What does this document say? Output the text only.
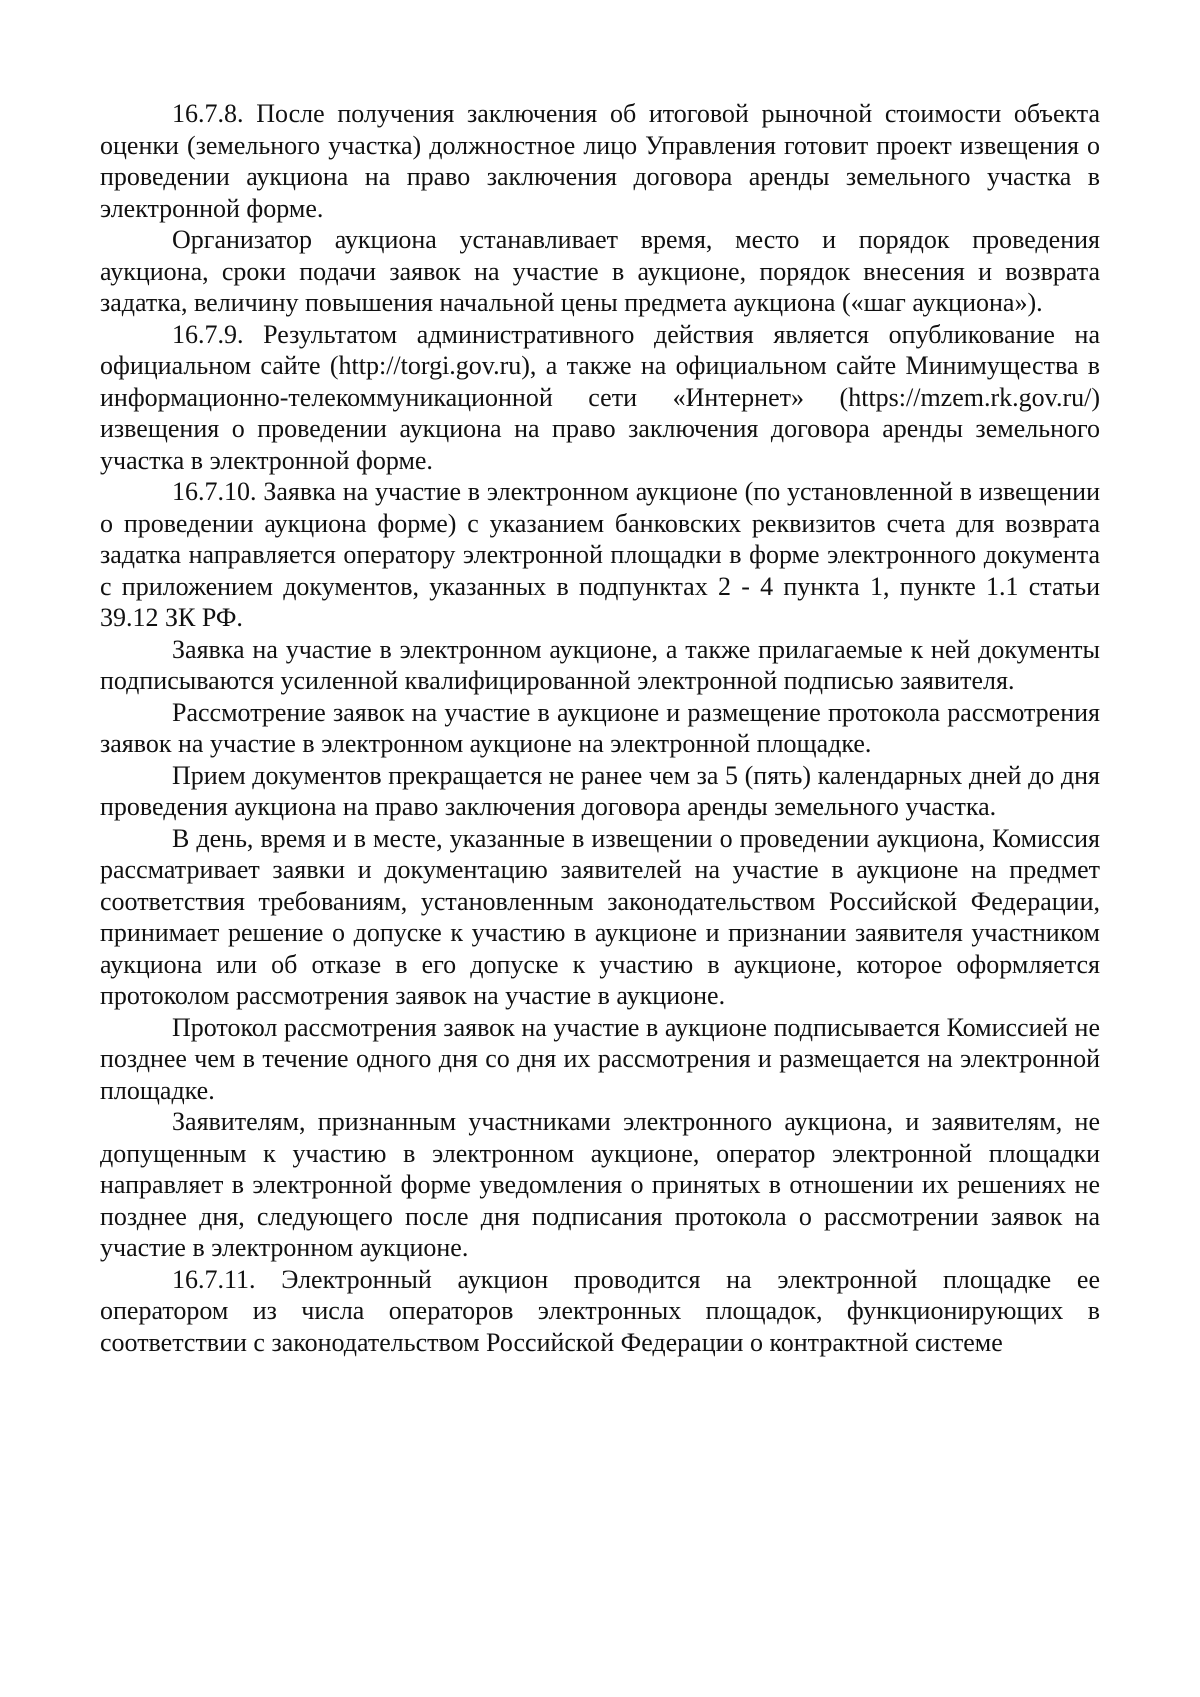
16.7.8. После получения заключения об итоговой рыночной стоимости объекта оценки (земельного участка) должностное лицо Управления готовит проект извещения о проведении аукциона на право заключения договора аренды земельного участка в электронной форме.

Организатор аукциона устанавливает время, место и порядок проведения аукциона, сроки подачи заявок на участие в аукционе, порядок внесения и возврата задатка, величину повышения начальной цены предмета аукциона («шаг аукциона»).

16.7.9. Результатом административного действия является опубликование на официальном сайте (http://torgi.gov.ru), а также на официальном сайте Минимущества в информационно-телекоммуникационной сети «Интернет» (https://mzem.rk.gov.ru/) извещения о проведении аукциона на право заключения договора аренды земельного участка в электронной форме.

16.7.10. Заявка на участие в электронном аукционе (по установленной в извещении о проведении аукциона форме) с указанием банковских реквизитов счета для возврата задатка направляется оператору электронной площадки в форме электронного документа с приложением документов, указанных в подпунктах 2 - 4 пункта 1, пункте 1.1 статьи 39.12 ЗК РФ.

Заявка на участие в электронном аукционе, а также прилагаемые к ней документы подписываются усиленной квалифицированной электронной подписью заявителя.

Рассмотрение заявок на участие в аукционе и размещение протокола рассмотрения заявок на участие в электронном аукционе на электронной площадке.

Прием документов прекращается не ранее чем за 5 (пять) календарных дней до дня проведения аукциона на право заключения договора аренды земельного участка.

В день, время и в месте, указанные в извещении о проведении аукциона, Комиссия рассматривает заявки и документацию заявителей на участие в аукционе на предмет соответствия требованиям, установленным законодательством Российской Федерации, принимает решение о допуске к участию в аукционе и признании заявителя участником аукциона или об отказе в его допуске к участию в аукционе, которое оформляется протоколом рассмотрения заявок на участие в аукционе.

Протокол рассмотрения заявок на участие в аукционе подписывается Комиссией не позднее чем в течение одного дня со дня их рассмотрения и размещается на электронной площадке.

Заявителям, признанным участниками электронного аукциона, и заявителям, не допущенным к участию в электронном аукционе, оператор электронной площадки направляет в электронной форме уведомления о принятых в отношении их решениях не позднее дня, следующего после дня подписания протокола о рассмотрении заявок на участие в электронном аукционе.

16.7.11. Электронный аукцион проводится на электронной площадке ее оператором из числа операторов электронных площадок, функционирующих в соответствии с законодательством Российской Федерации о контрактной системе
